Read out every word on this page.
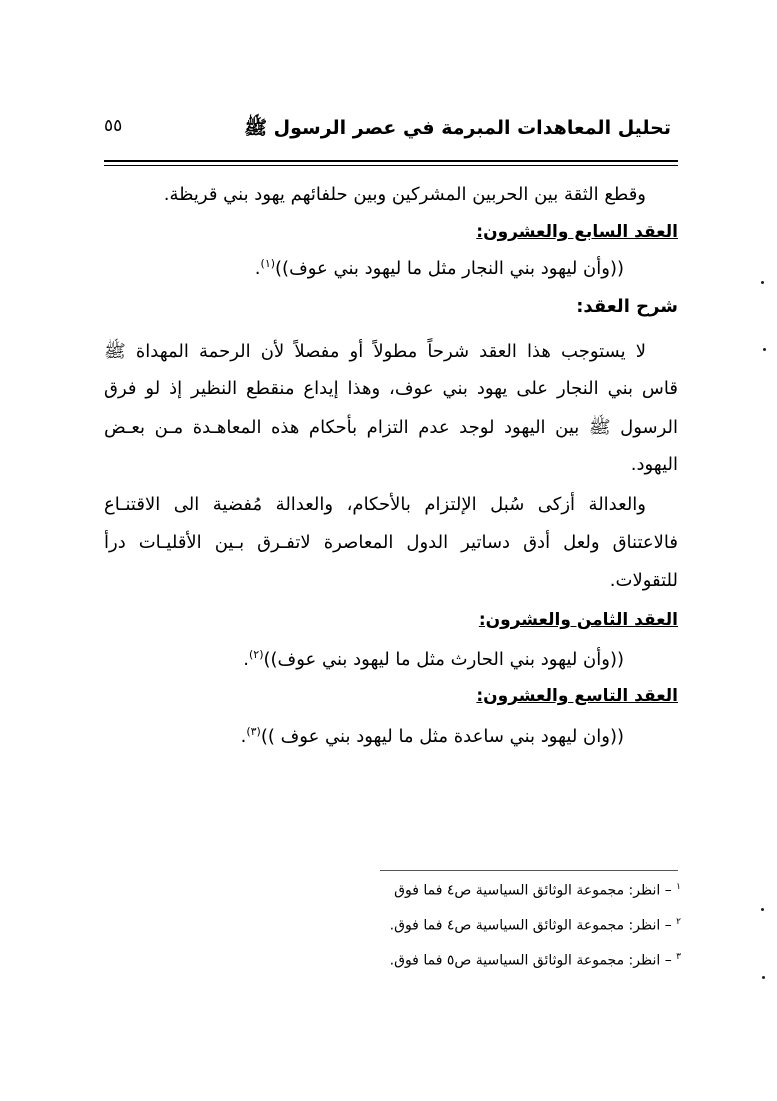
تحليل المعاهدات المبرمة في عصر الرسول ﷺ
٥٥
وقطع الثقة بين الحربين المشركين وبين حلفائهم يهود بني قريظة.
العقد السابع والعشرون:
((وأن ليهود بني النجار مثل ما ليهود بني عوف))$^{(١)}$.
شرح العقد:
لا يستوجب هذا العقد شرحاً مطولاً أو مفصلاً لأن الرحمة المهداة ﷺ
قاس بني النجار على يهود بني عوف، وهذا إيداع منقطع النظير إذ لو فرق
الرسول ﷺ بين اليهود لوجد عدم التزام بأحكام هذه المعاهـدة مـن بعـض
اليهود.
والعدالة أزكى سُبل الإلتزام بالأحكام، والعدالة مُفضية الى الاقتنـاع
فالاعتناق ولعل أدق دساتير الدول المعاصرة لاتفـرق بـين الأقليـات درأ
للتقولات.
العقد الثامن والعشرون:
((وأن ليهود بني الحارث مثل ما ليهود بني عوف))$^{(٢)}$.
العقد التاسع والعشرون:
((وان ليهود بني ساعدة مثل ما ليهود بني عوف ))$^{(٣)}$.
$^١$ – انظر: مجموعة الوثائق السياسية ص٤ فما فوق
$^٢$ – انظر: مجموعة الوثائق السياسية ص٤ فما فوق.
$^٣$ – انظر: مجموعة الوثائق السياسية ص٥ فما فوق.
